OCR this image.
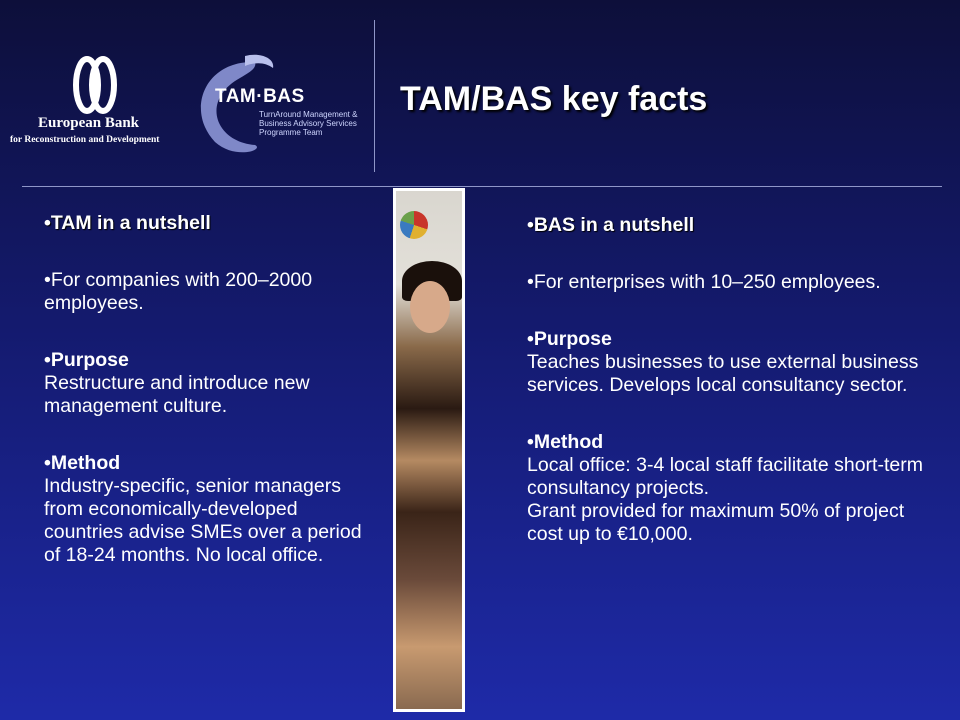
European Bank
for Reconstruction and Development
TAM·BAS
TurnAround Management & Business Advisory Services Programme Team
TAM/BAS key facts
•TAM in a nutshell
•For companies with 200–2000 employees.
•Purpose
Restructure and introduce new management culture.
•Method
Industry-specific, senior managers from economically-developed countries advise SMEs over a period of 18-24 months. No local office.
•BAS in a nutshell
•For enterprises with 10–250 employees.
•Purpose
Teaches businesses to use external business services. Develops local consultancy sector.
•Method
Local office: 3-4 local staff facilitate short-term consultancy projects.
Grant provided for maximum 50% of project cost up to €10,000.
